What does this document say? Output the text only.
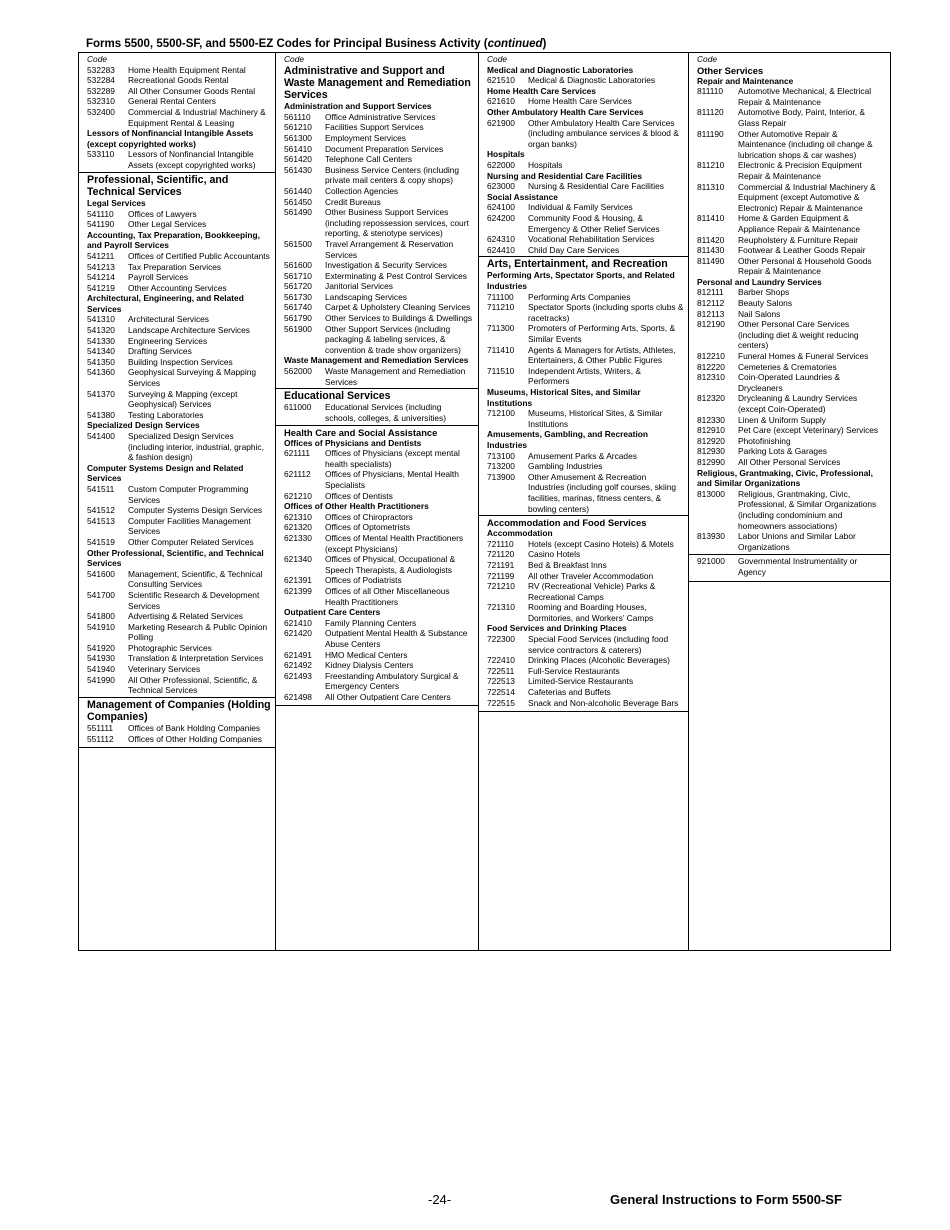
Forms 5500, 5500-SF, and 5500-EZ Codes for Principal Business Activity (continued)
Code
532283	Home Health Equipment Rental
532284	Recreational Goods Rental
532289	All Other Consumer Goods Rental
532310	General Rental Centers
532400	Commercial & Industrial Machinery & Equipment Rental & Leasing
Lessors of Nonfinancial Intangible Assets (except copyrighted works)
533110	Lessors of Nonfinancial Intangible Assets (except copyrighted works)
Professional, Scientific, and Technical Services
Legal Services
541110	Offices of Lawyers
541190	Other Legal Services
Accounting, Tax Preparation, Bookkeeping, and Payroll Services
541211	Offices of Certified Public Accountants
541213	Tax Preparation Services
541214	Payroll Services
541219	Other Accounting Services
Architectural, Engineering, and Related Services
541310	Architectural Services
541320	Landscape Architecture Services
541330	Engineering Services
541340	Drafting Services
541350	Building Inspection Services
541360	Geophysical Surveying & Mapping Services
541370	Surveying & Mapping (except Geophysical) Services
541380	Testing Laboratories
Specialized Design Services
541400	Specialized Design Services (including interior, industrial, graphic, & fashion design)
Computer Systems Design and Related Services
541511	Custom Computer Programming Services
541512	Computer Systems Design Services
541513	Computer Facilities Management Services
541519	Other Computer Related Services
Other Professional, Scientific, and Technical Services
541600	Management, Scientific, & Technical Consulting Services
541700	Scientific Research & Development Services
541800	Advertising & Related Services
541910	Marketing Research & Public Opinion Polling
541920	Photographic Services
541930	Translation & Interpretation Services
541940	Veterinary Services
541990	All Other Professional, Scientific, & Technical Services
Management of Companies (Holding Companies)
551111	Offices of Bank Holding Companies
551112	Offices of Other Holding Companies
Code
Administrative and Support and Waste Management and Remediation Services
Administration and Support Services
561110	Office Administrative Services
561210	Facilities Support Services
561300	Employment Services
561410	Document Preparation Services
561420	Telephone Call Centers
561430	Business Service Centers (including private mail centers & copy shops)
561440	Collection Agencies
561450	Credit Bureaus
561490	Other Business Support Services (including repossession services, court reporting, & stenotype services)
561500	Travel Arrangement & Reservation Services
561600	Investigation & Security Services
561710	Exterminating & Pest Control Services
561720	Janitorial Services
561730	Landscaping Services
561740	Carpet & Upholstery Cleaning Services
561790	Other Services to Buildings & Dwellings
561900	Other Support Services (including packaging & labeling services, & convention & trade show organizers)
Waste Management and Remediation Services
562000	Waste Management and Remediation Services
Educational Services
611000	Educational Services (including schools, colleges, & universities)
Health Care and Social Assistance
Offices of Physicians and Dentists
621111	Offices of Physicians (except mental health specialists)
621112	Offices of Physicians, Mental Health Specialists
621210	Offices of Dentists
Offices of Other Health Practitioners
621310	Offices of Chiropractors
621320	Offices of Optometrists
621330	Offices of Mental Health Practitioners (except Physicians)
621340	Offices of Physical, Occupational & Speech Therapists, & Audiologists
621391	Offices of Podiatrists
621399	Offices of all Other Miscellaneous Health Practitioners
Outpatient Care Centers
621410	Family Planning Centers
621420	Outpatient Mental Health & Substance Abuse Centers
621491	HMO Medical Centers
621492	Kidney Dialysis Centers
621493	Freestanding Ambulatory Surgical & Emergency Centers
621498	All Other Outpatient Care Centers
Code
Medical and Diagnostic Laboratories
621510	Medical & Diagnostic Laboratories
Home Health Care Services
621610	Home Health Care Services
Other Ambulatory Health Care Services
621900	Other Ambulatory Health Care Services (including ambulance services & blood & organ banks)
Hospitals
622000	Hospitals
Nursing and Residential Care Facilities
623000	Nursing & Residential Care Facilities
Social Assistance
624100	Individual & Family Services
624200	Community Food & Housing, & Emergency & Other Relief Services
624310	Vocational Rehabilitation Services
624410	Child Day Care Services
Arts, Entertainment, and Recreation
Performing Arts, Spectator Sports, and Related Industries
711100	Performing Arts Companies
711210	Spectator Sports (including sports clubs & racetracks)
711300	Promoters of Performing Arts, Sports, & Similar Events
711410	Agents & Managers for Artists, Athletes, Entertainers, & Other Public Figures
711510	Independent Artists, Writers, & Performers
Museums, Historical Sites, and Similar Institutions
712100	Museums, Historical Sites, & Similar Institutions
Amusements, Gambling, and Recreation Industries
713100	Amusement Parks & Arcades
713200	Gambling Industries
713900	Other Amusement & Recreation Industries (including golf courses, skiing facilities, marinas, fitness centers, & bowling centers)
Accommodation and Food Services
Accommodation
721110	Hotels (except Casino Hotels) & Motels
721120	Casino Hotels
721191	Bed & Breakfast Inns
721199	All other Traveler Accommodation
721210	RV (Recreational Vehicle) Parks & Recreational Camps
721310	Rooming and Boarding Houses, Dormitories, and Workers’ Camps
Food Services and Drinking Places
722300	Special Food Services (including food service contractors & caterers)
722410	Drinking Places (Alcoholic Beverages)
722511	Full-Service Restaurants
722513	Limited-Service Restaurants
722514	Cafeterias and Buffets
722515	Snack and Non-alcoholic Beverage Bars
Code
Other Services
Repair and Maintenance
811110	Automotive Mechanical, & Electrical Repair & Maintenance
811120	Automotive Body, Paint, Interior, & Glass Repair
811190	Other Automotive Repair & Maintenance (including oil change & lubrication shops & car washes)
811210	Electronic & Precision Equipment Repair & Maintenance
811310	Commercial & Industrial Machinery & Equipment (except Automotive & Electronic) Repair & Maintenance
811410	Home & Garden Equipment & Appliance Repair & Maintenance
811420	Reupholstery & Furniture Repair
811430	Footwear & Leather Goods Repair
811490	Other Personal & Household Goods Repair & Maintenance
Personal and Laundry Services
812111	Barber Shops
812112	Beauty Salons
812113	Nail Salons
812190	Other Personal Care Services (including diet & weight reducing centers)
812210	Funeral Homes & Funeral Services
812220	Cemeteries & Crematories
812310	Coin-Operated Laundries & Drycleaners
812320	Drycleaning & Laundry Services (except Coin-Operated)
812330	Linen & Uniform Supply
812910	Pet Care (except Veterinary) Services
812920	Photofinishing
812930	Parking Lots & Garages
812990	All Other Personal Services
Religious, Grantmaking, Civic, Professional, and Similar Organizations
813000	Religious, Grantmaking, Civic, Professional, & Similar Organizations (including condominium and homeowners associations)
813930	Labor Unions and Similar Labor Organizations
921000	Governmental Instrumentality or Agency
-24-	General Instructions to Form 5500-SF
